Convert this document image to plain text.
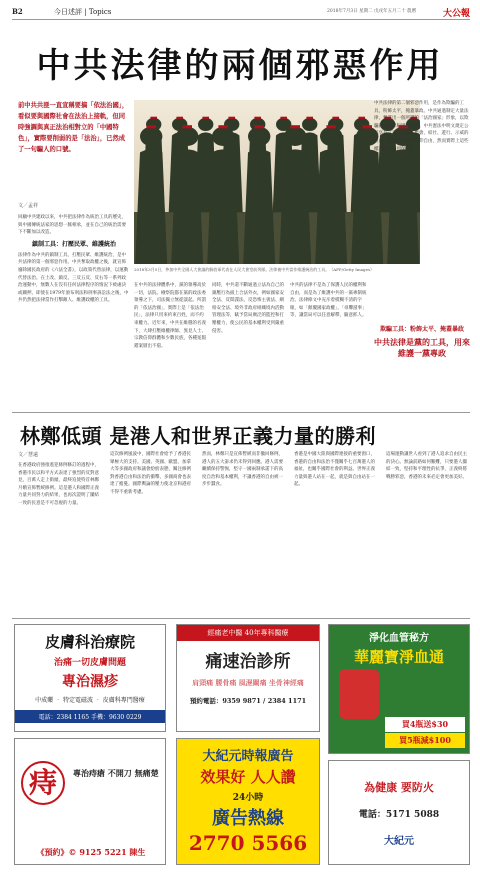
B2	今日述評 | Topics	2018年7月3日 星期二 戊戌年五月二十 農曆	大公報
中共法律的兩個邪惡作用
前中共共匪一直宣稱要搞「依法治國」，看似要與國際社會在法治上接軌，但同時強調與真正法治相對立的「中國特色」，實際要削弱的是「法治」，已然成了一句騙人的口號。
文／孟祥
回顧中共建政以來，中共把法律作為統治工具的歷史，與中國傳統法家的思想一脈相承，並在自己的統治需要下不斷加以改造。
鎮制工具：打壓民眾、維護統治
法律作為中共的鎮制工具，打壓民眾、維護統治，是中共法律的第一個邪惡作用。中共奪取政權之後，就宣佈廢除國民政府的《六法全書》，以政策代替法律，以運動代替法治。在土改、鎮反、三反五反、反右等一系列政治運動中，無數人在沒有任何法律程序的情況下被處決或關押。即使在1979年頒布刑法和刑事訴訟法之後，中共仍然把法律當作打擊敵人、維護政權的工具。
2018年3月5日，參加中共全國人大會議的解放軍代表在人民大會堂前列隊。法律被中共當作維護統治的工具。（AFP/Getty Images）
在中共的法律體系中，黨的領導高於一切，法院、檢察院都在黨的政法委領導之下，司法獨立無從談起。所謂的「依法治國」，實際上是「依法治民」，法律只用來約束百姓，而不約束權力。近年來，中共在維穩的名義下，大肆打壓維權律師、異見人士、宗教信仰群體和少數民族，各種冤假錯案層出不窮。
同時，中共還不斷通過立法為自己的鎮壓行為披上合法外衣，例如國家安全法、反間諜法、反恐怖主義法、網絡安全法、境外非政府組織境內活動管理法等，賦予當局廣泛的監控和打壓權力，使公民的基本權利受到嚴重侵害。
中共的法律不是為了保護人民的權利和自由，而是為了維護中共的一黨專制統治。法律條文中充斥着模糊不清的字眼，如「顛覆國家政權」、「尋釁滋事」等，讓當局可以任意解釋，隨意抓人。
中共法律的第二個邪惡作用，是作為欺騙的工具，粉飾太平，掩蓋暴政。中共通過制定大量法律，營造出一個所謂的「法治國家」形象，以欺騙國內民眾和國際社會。中共憲法中明文規定公民享有言論、出版、集會、結社、遊行、示威的自由，也規定了宗教信仰自由，然而實際上這些權利從未得到保障。
欺騙工具：粉飾太平、掩蓋暴政
中共法律是黨的工具，用來維護一黨專政
林鄭低頭 是港人和世界正義力量的勝利
文／慧遠
在香港政府強推逃犯條例修訂的過程中，香港市民以和平方式表達了強烈的反對意見，百萬人走上街頭，最終迫使特首林鄭月娥宣佈暫緩修例。這是港人和國際正義力量共同努力的結果，也再次證明了團結一致的民意是不可忽視的力量。
這次修例風波中，國際社會給予了香港民眾極大的支持。美國、英國、歐盟、加拿大等多國政府和議會紛紛表態，關注修例對香港自由和法治的衝擊，多國商會也表達了擔憂。國際輿論的壓力使北京和港府不得不重新考慮。
然而，林鄭只是宣佈暫緩而非撤回修例，港人的五大訴求仍未得到回應。港人需要繼續保持警惕，堅守一國兩制承諾下的高度自治和基本權利，不讓香港的自由被一步步蠶食。
香港是中國大陸與國際連接的重要窗口，香港的自由和法治不僅關乎七百萬港人的福祉，也關乎國際社會的利益。世界正義力量與港人站在一起，就是與自由站在一起。
這場運動讓世人看到了港人追求自由民主的決心。無論前路如何艱難，只要港人團結一致，堅持和平理性的抗爭，正義終將戰勝邪惡，香港的未來必定會更加美好。
皮膚科治療院
治痛一切皮膚問題
專治濕疹
中成藥 ‧ 特定電磁波 ‧ 皮膚科專門醫療
電話：2384 1165 手機：9630 0229
痔	專治痔瘡 不開刀 無痛楚
《預約》© 9125 5221 陳生
經痛老中醫 40年專科醫療
痛速治診所
肩頸痛 腰骨痛 風濕關痛 坐骨神經痛
預約電話：9359 9871 / 2384 1171
大紀元時報廣告
效果好 人人讚
24小時
廣告熱線
2770 5566
淨化血管秘方
華麗寶淨血通
買4瓶送$30
買5瓶減$100
為健康 要防火
電話：5171 5088
大紀元
